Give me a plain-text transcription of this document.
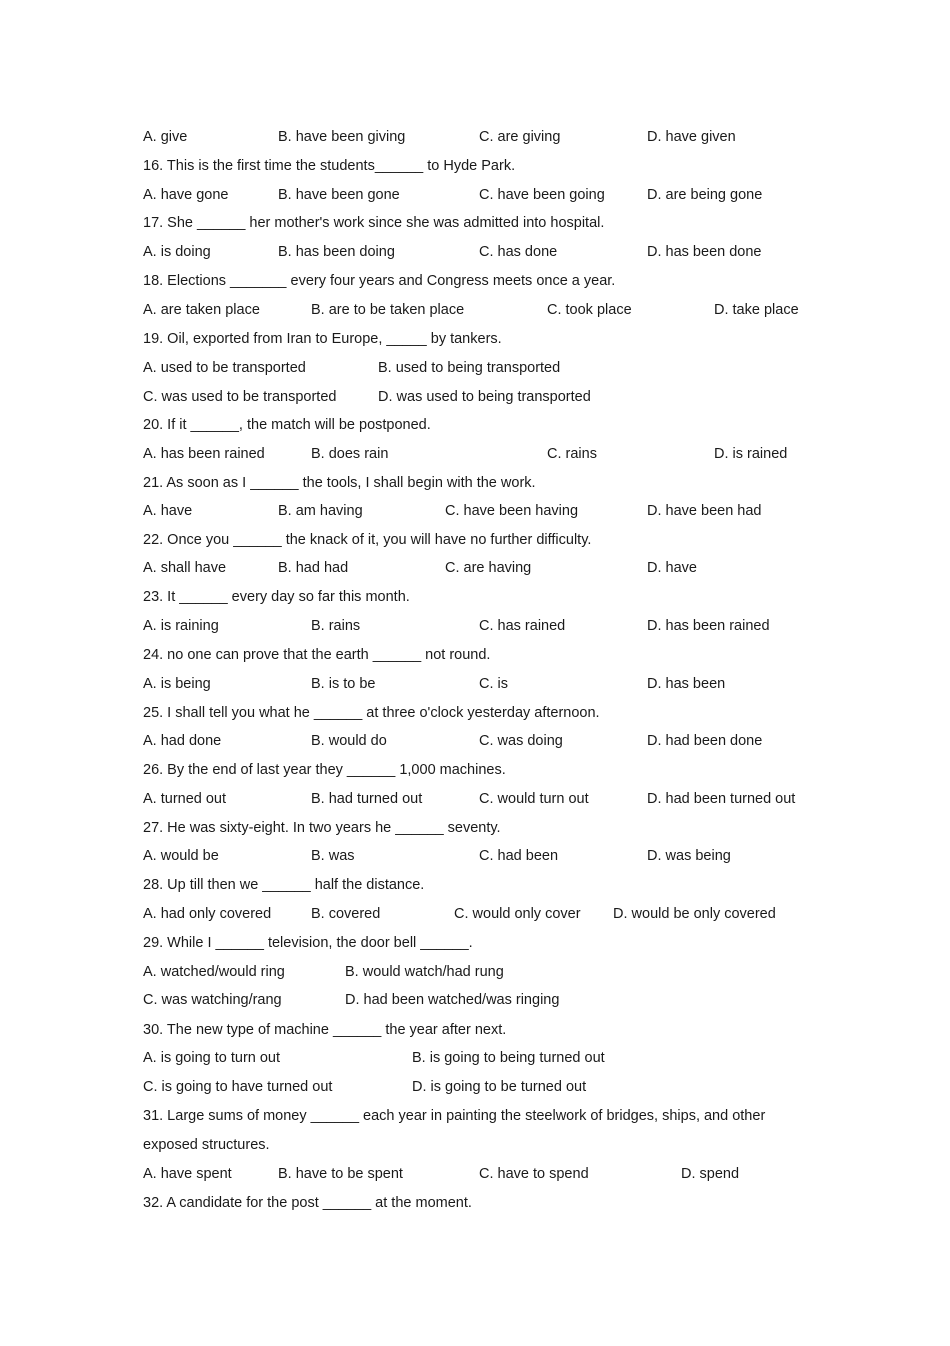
A. give	B. have been giving	C. are giving	D. have given
16. This is the first time the students______ to Hyde Park.
A. have gone	B. have been gone	C. have been going	D. are being gone
17. She ______ her mother's work since she was admitted into hospital.
A. is doing	B. has been doing	C. has done	D. has been done
18. Elections _______ every four years and Congress meets once a year.
A. are taken place	B. are to be taken place	C. took place	D. take place
19. Oil, exported from Iran to Europe, _____ by tankers.
A. used to be transported	B. used to being transported
C. was used to be transported	D. was used to being transported
20. If it ______, the match will be postponed.
A. has been rained	B. does rain	C. rains	D. is rained
21. As soon as I ______ the tools, I shall begin with the work.
A. have	B. am having	C. have been having	D. have been had
22. Once you ______ the knack of it, you will have no further difficulty.
A. shall have	B. had had	C. are having	D. have
23. It ______ every day so far this month.
A. is raining	B. rains	C. has rained	D. has been rained
24. no one can prove that the earth ______ not round.
A. is being	B. is to be	C. is	D. has been
25. I shall tell you what he ______ at three o'clock yesterday afternoon.
A. had done	B. would do	C. was doing	D. had been done
26. By the end of last year they ______ 1,000 machines.
A. turned out	B. had turned out	C. would turn out	D. had been turned out
27. He was sixty-eight. In two years he ______ seventy.
A. would be	B. was	C. had been	D. was being
28. Up till then we ______ half the distance.
A. had only covered	B. covered	C. would only cover D. would be only covered
29. While I ______ television, the door bell ______.
A. watched/would ring	B. would watch/had rung
C. was watching/rang	D. had been watched/was ringing
30. The new type of machine ______ the year after next.
A. is going to turn out	B. is going to being turned out
C. is going to have turned out	D. is going to be turned out
31. Large sums of money ______ each year in painting the steelwork of bridges, ships, and other
exposed structures.
A. have spent	B. have to be spent	C. have to spend	D. spend
32. A candidate for the post ______ at the moment.
